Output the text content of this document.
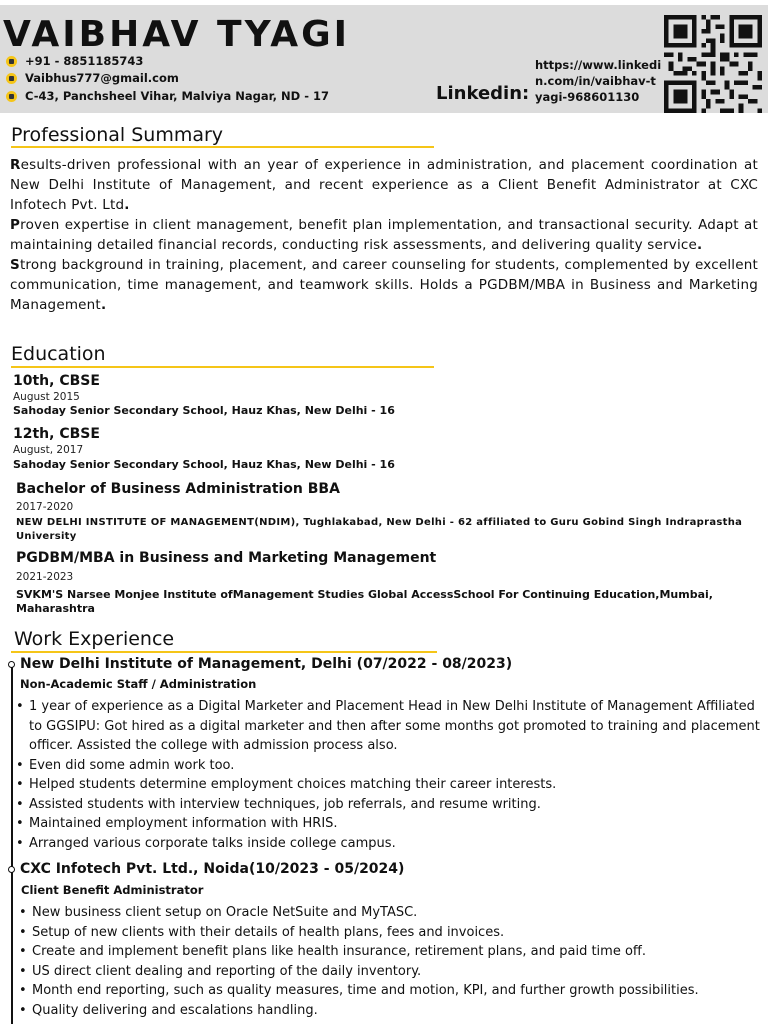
VAIBHAV TYAGI
+91 - 8851185743
Vaibhus777@gmail.com
C-43, Panchsheel Vihar, Malviya Nagar, ND - 17	Linkedin:
https://www.linkedin.com/in/vaibhav-tyagi-968601130
Professional Summary

Results-driven professional with an year of experience in administration, and placement coordination at New Delhi Institute of Management, and recent experience as a Client Benefit Administrator at CXC Infotech Pvt. Ltd.

Proven expertise in client management, benefit plan implementation, and transactional security. Adapt at maintaining detailed financial records, conducting risk assessments, and delivering quality service.

Strong background in training, placement, and career counseling for students, complemented by excellent communication, time management, and teamwork skills. Holds a PGDBM/MBA in Business and Marketing Management.

Education
10th, CBSE
August 2015
Sahoday Senior Secondary School, Hauz Khas, New Delhi - 16
12th, CBSE
August, 2017
Sahoday Senior Secondary School, Hauz Khas, New Delhi - 16
Bachelor of Business Administration BBA
2017-2020
NEW DELHI INSTITUTE OF MANAGEMENT(NDIM), Tughlakabad, New Delhi - 62 affiliated to Guru Gobind Singh Indraprastha University
PGDBM/MBA in Business and Marketing Management
2021-2023
SVKM'S Narsee Monjee Institute ofManagement Studies Global AccessSchool For Continuing Education,Mumbai, Maharashtra
Work Experience
New Delhi Institute of Management, Delhi (07/2022 - 08/2023)
Non-Academic Staff / Administration
• 1 year of experience as a Digital Marketer and Placement Head in New Delhi Institute of Management Affiliated to GGSIPU: Got hired as a digital marketer and then after some months got promoted to training and placement officer. Assisted the college with admission process also.
• Even did some admin work too.
• Helped students determine employment choices matching their career interests.
• Assisted students with interview techniques, job referrals, and resume writing.
• Maintained employment information with HRIS.
• Arranged various corporate talks inside college campus.
CXC Infotech Pvt. Ltd., Noida(10/2023 - 05/2024)
Client Benefit Administrator
• New business client setup on Oracle NetSuite and MyTASC.
• Setup of new clients with their details of health plans, fees and invoices.
• Create and implement benefit plans like health insurance, retirement plans, and paid time off.
• US direct client dealing and reporting of the daily inventory.
• Month end reporting, such as quality measures, time and motion, KPI, and further growth possibilities.
• Quality delivering and escalations handling.
